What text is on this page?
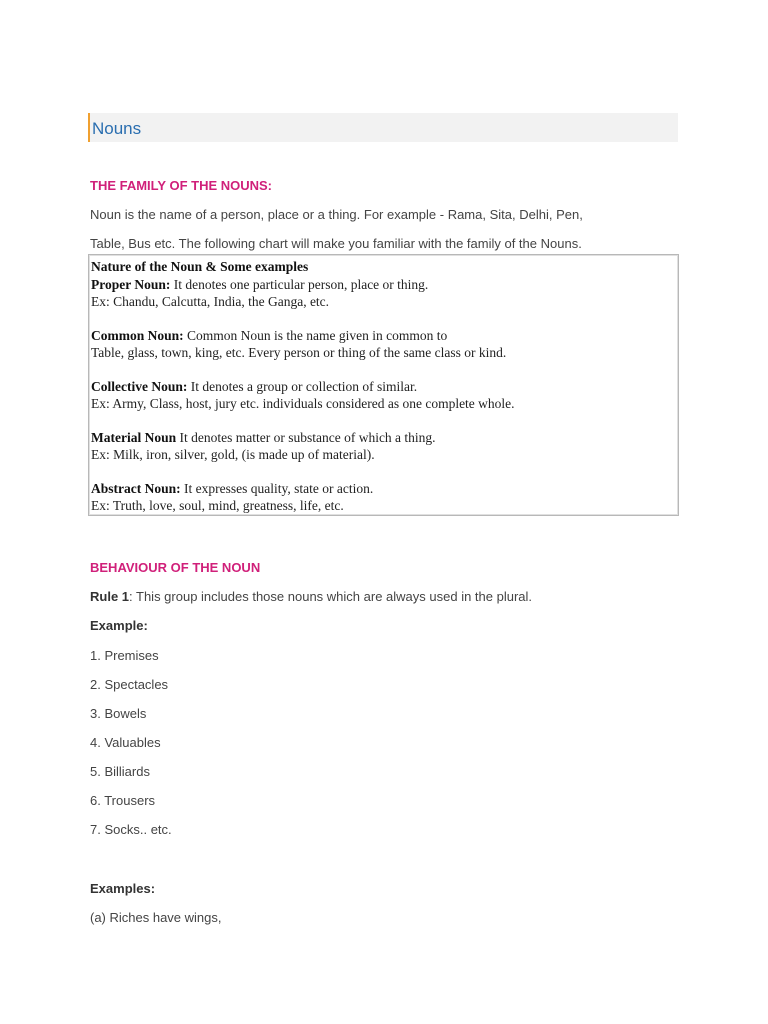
Nouns
THE FAMILY OF THE NOUNS:
Noun is the name of a person, place or a thing. For example - Rama, Sita, Delhi, Pen,
Table, Bus etc. The following chart will make you familiar with the family of the Nouns.
Nature of the Noun & Some examples
Proper Noun: It denotes one particular person, place or thing.
Ex: Chandu, Calcutta, India, the Ganga, etc.
Common Noun: Common Noun is the name given in common to
Table, glass, town, king, etc. Every person or thing of the same class or kind.
Collective Noun: It denotes a group or collection of similar.
Ex: Army, Class, host, jury etc. individuals considered as one complete whole.
Material Noun It denotes matter or substance of which a thing.
Ex: Milk, iron, silver, gold, (is made up of material).
Abstract Noun: It expresses quality, state or action.
Ex: Truth, love, soul, mind, greatness, life, etc.
BEHAVIOUR OF THE NOUN
Rule 1: This group includes those nouns which are always used in the plural.
Example:
1. Premises
2. Spectacles
3. Bowels
4. Valuables
5. Billiards
6. Trousers
7. Socks.. etc.
Examples:
(a) Riches have wings,
